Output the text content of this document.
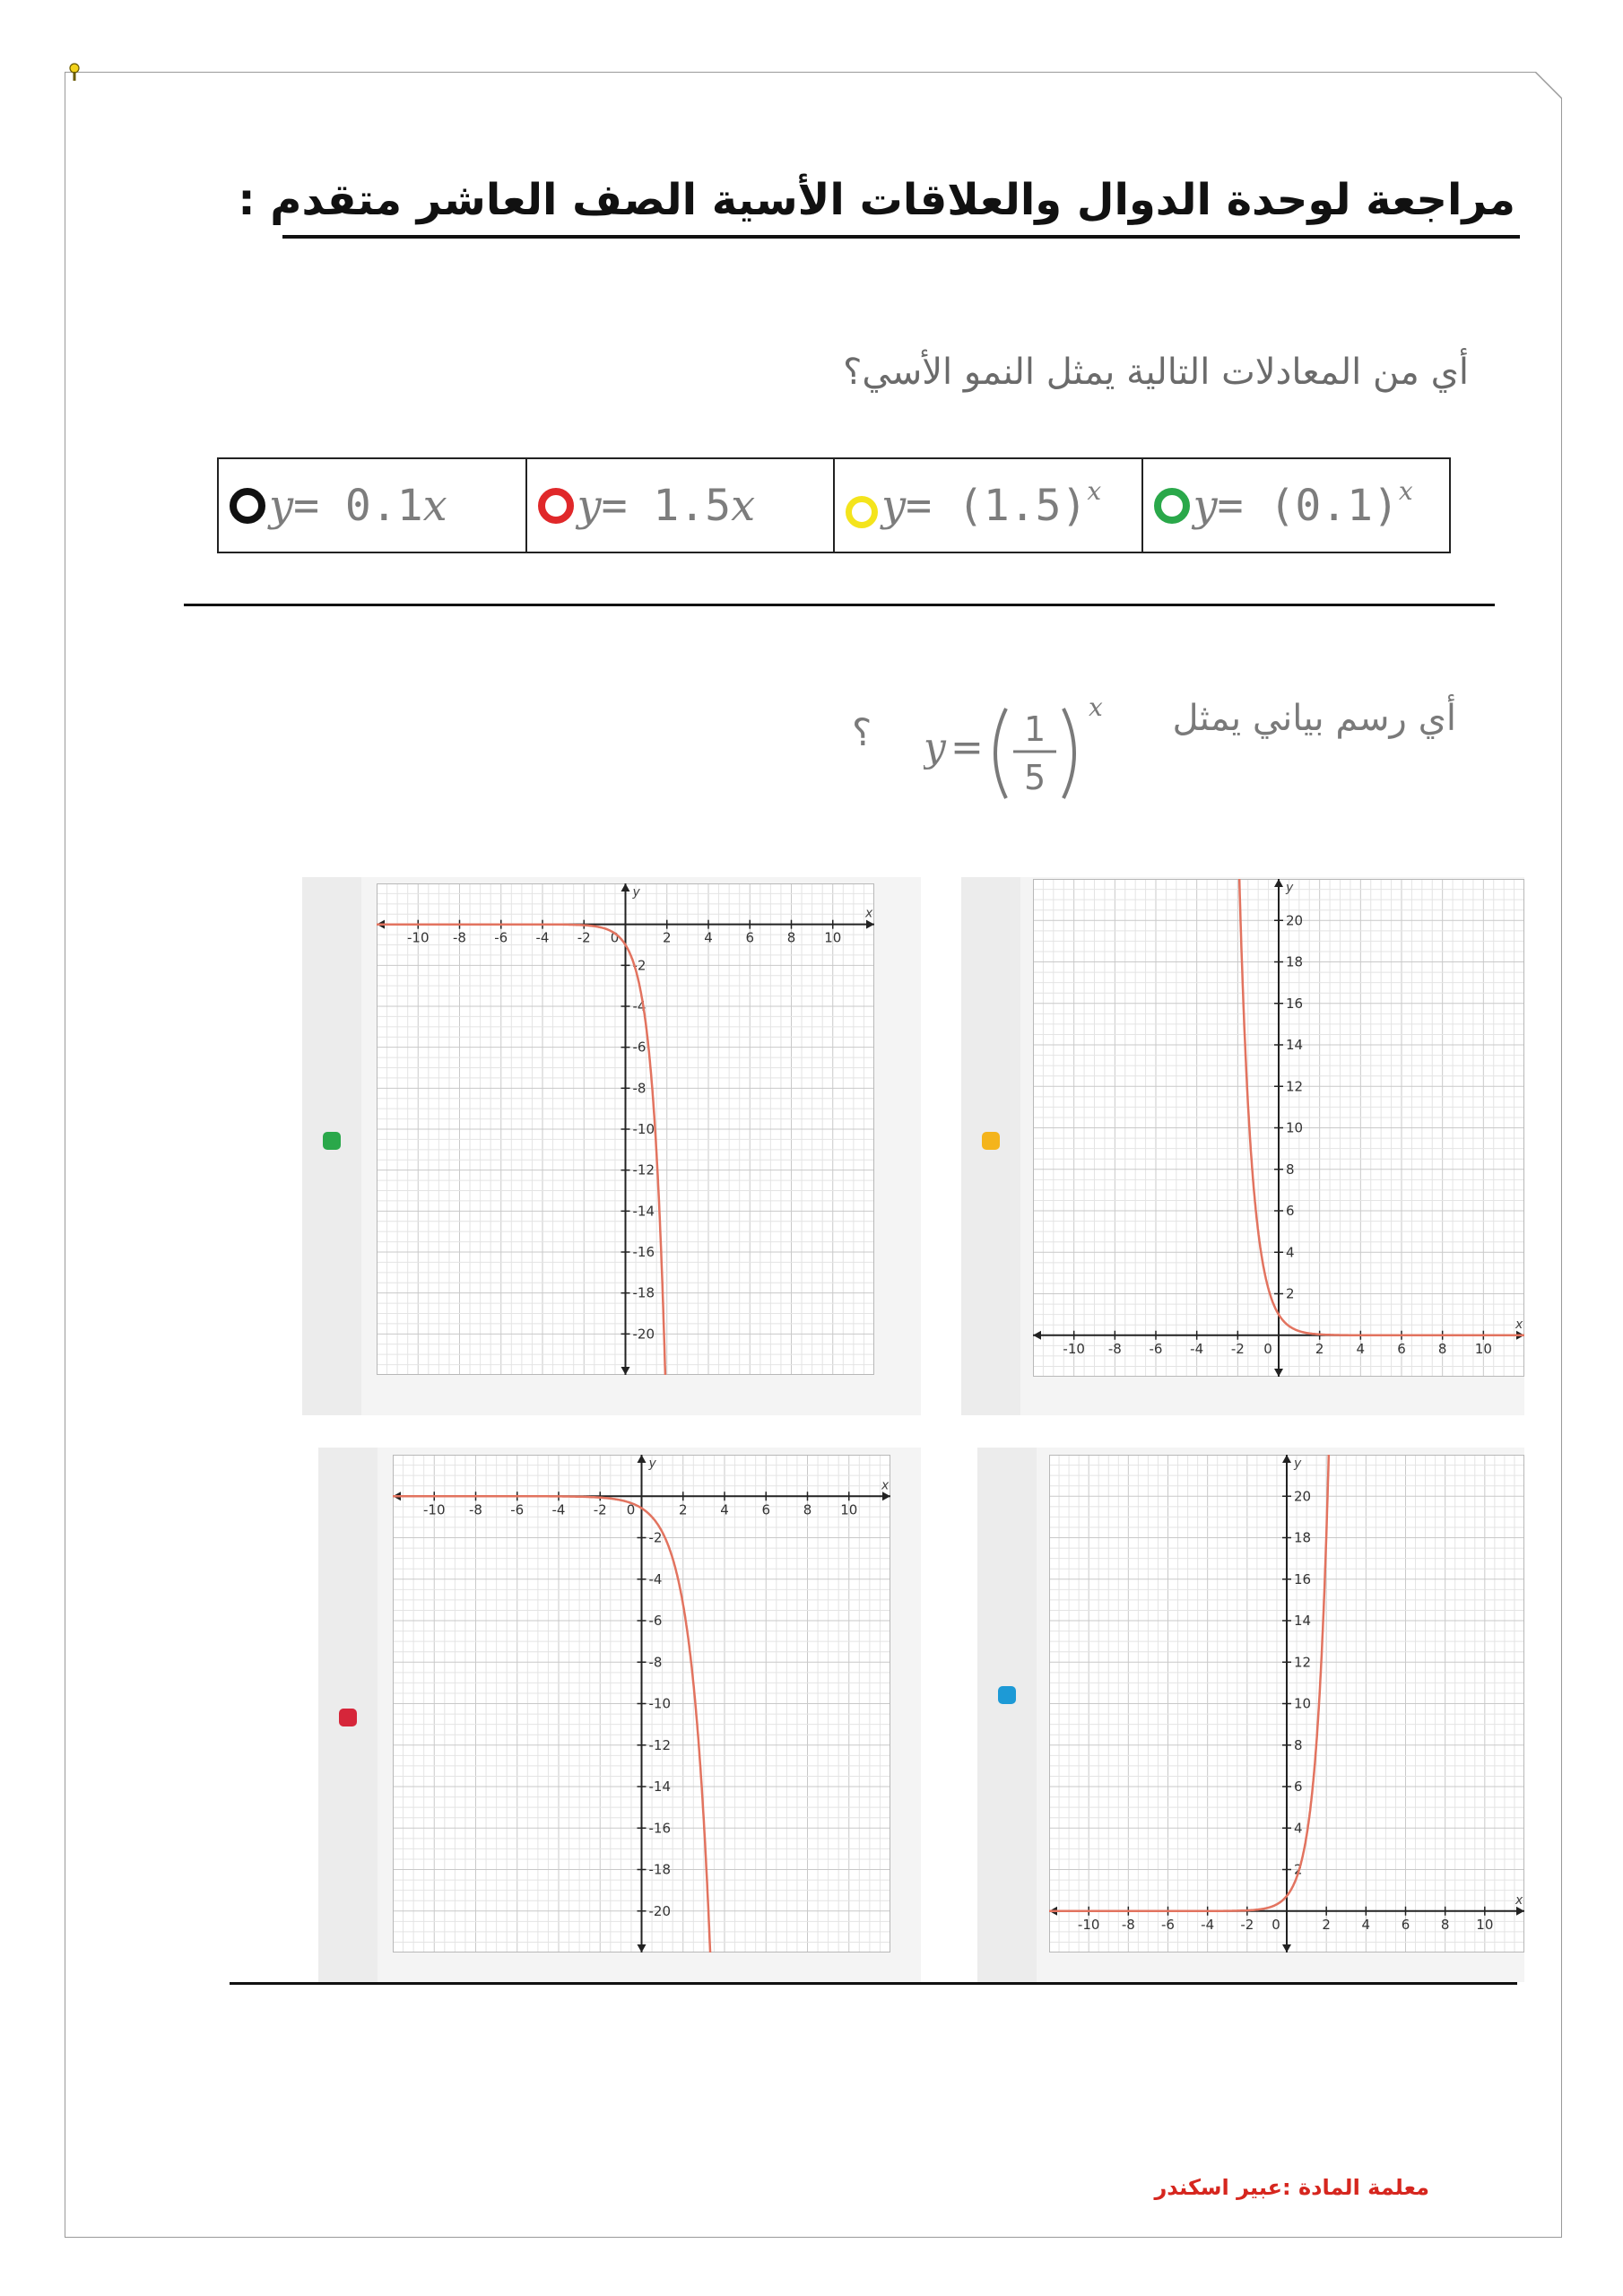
مراجعة لوحدة الدوال والعلاقات الأسية الصف العاشر متقدم :
أي من المعادلات التالية يمثل النمو الأسي؟
y= 0.1x	y= 1.5x	$y= (1.5)^x$ $y= (0.1)^x$
أي رسم بياني يمثل
؟ y = 1
5
x
x
y
-10 -8 -6 -4 -2 0	2 4 6 8 10
-2
-4
-6
-8
-10
-12
-14
-16
-18
-20
x
y
-10 -8 -6 -4 -2 0	2 4 6 8 10
2
4
6
8
10
12
14
16
18
20
x
y
-10 -8 -6 -4 -2 0	2 4 6 8 10
-2
-4
-6
-8
-10
-12
-14
-16
-18
-20
x
y
-10 -8 -6 -4 -2 0	2 4 6 8 10
2
4
6
8
10
12
14
16
18
20
معلمة المادة :عبير اسكندر
